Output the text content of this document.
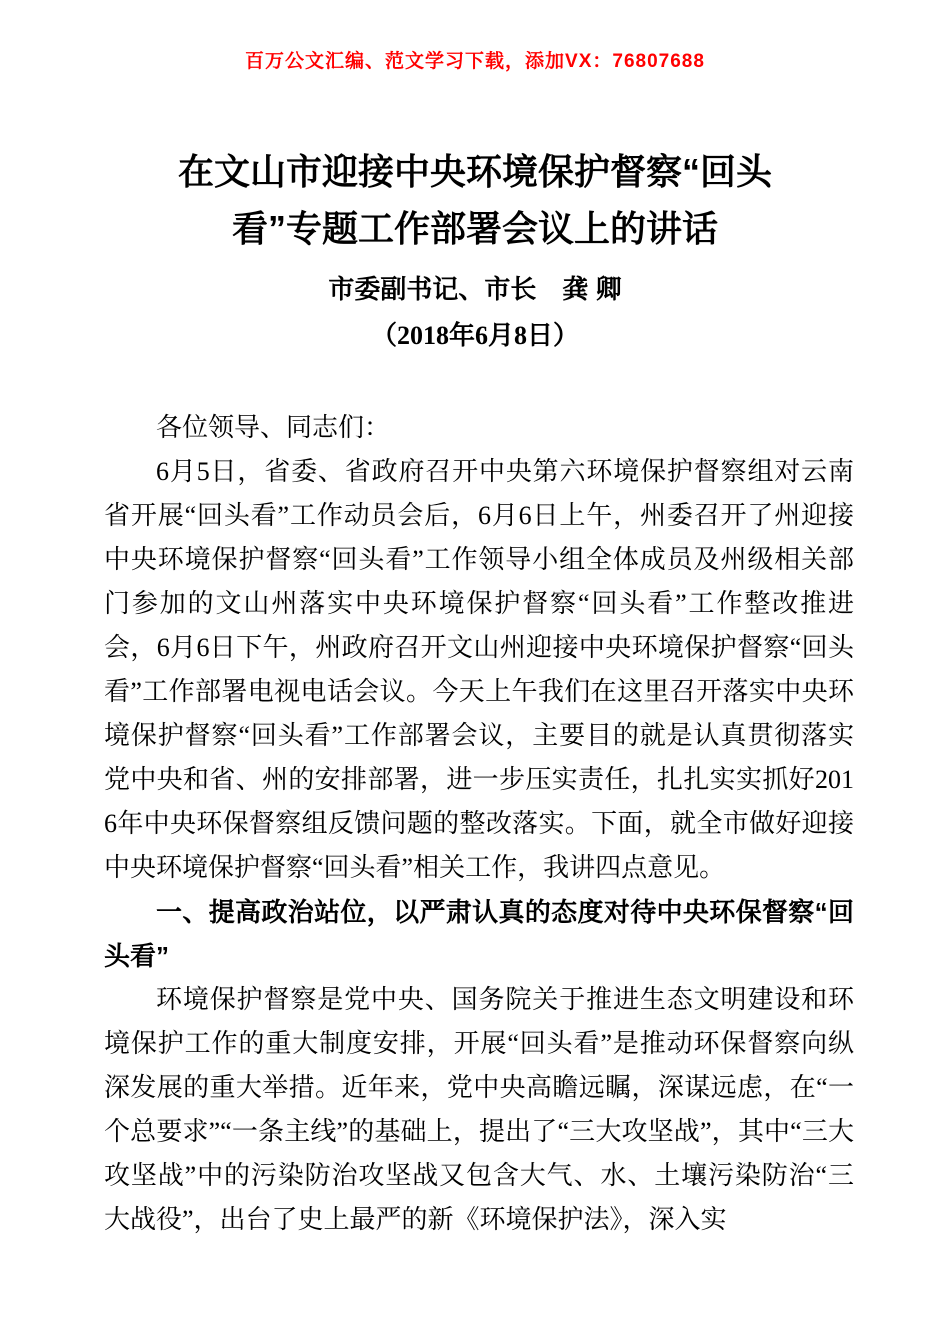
百万公文汇编、范文学习下载，添加VX：76807688
在文山市迎接中央环境保护督察“回头
看”专题工作部署会议上的讲话
市委副书记、市长　龚 卿
（2018年6月8日）

各位领导、同志们：

6月5日，省委、省政府召开中央第六环境保护督察组对云南省开展“回头看”工作动员会后，6月6日上午，州委召开了州迎接中央环境保护督察“回头看”工作领导小组全体成员及州级相关部门参加的文山州落实中央环境保护督察“回头看”工作整改推进会，6月6日下午，州政府召开文山州迎接中央环境保护督察“回头看”工作部署电视电话会议。今天上午我们在这里召开落实中央环境保护督察“回头看”工作部署会议，主要目的就是认真贯彻落实党中央和省、州的安排部署，进一步压实责任，扎扎实实抓好2016年中央环保督察组反馈问题的整改落实。下面，就全市做好迎接中央环境保护督察“回头看”相关工作，我讲四点意见。

一、提高政治站位，以严肃认真的态度对待中央环保督察“回头看”

环境保护督察是党中央、国务院关于推进生态文明建设和环境保护工作的重大制度安排，开展“回头看”是推动环保督察向纵深发展的重大举措。近年来，党中央高瞻远瞩，深谋远虑，在“一个总要求”“一条主线”的基础上，提出了“三大攻坚战”，其中“三大攻坚战”中的污染防治攻坚战又包含大气、水、土壤污染防治“三大战役”，出台了史上最严的新《环境保护法》，深入实
